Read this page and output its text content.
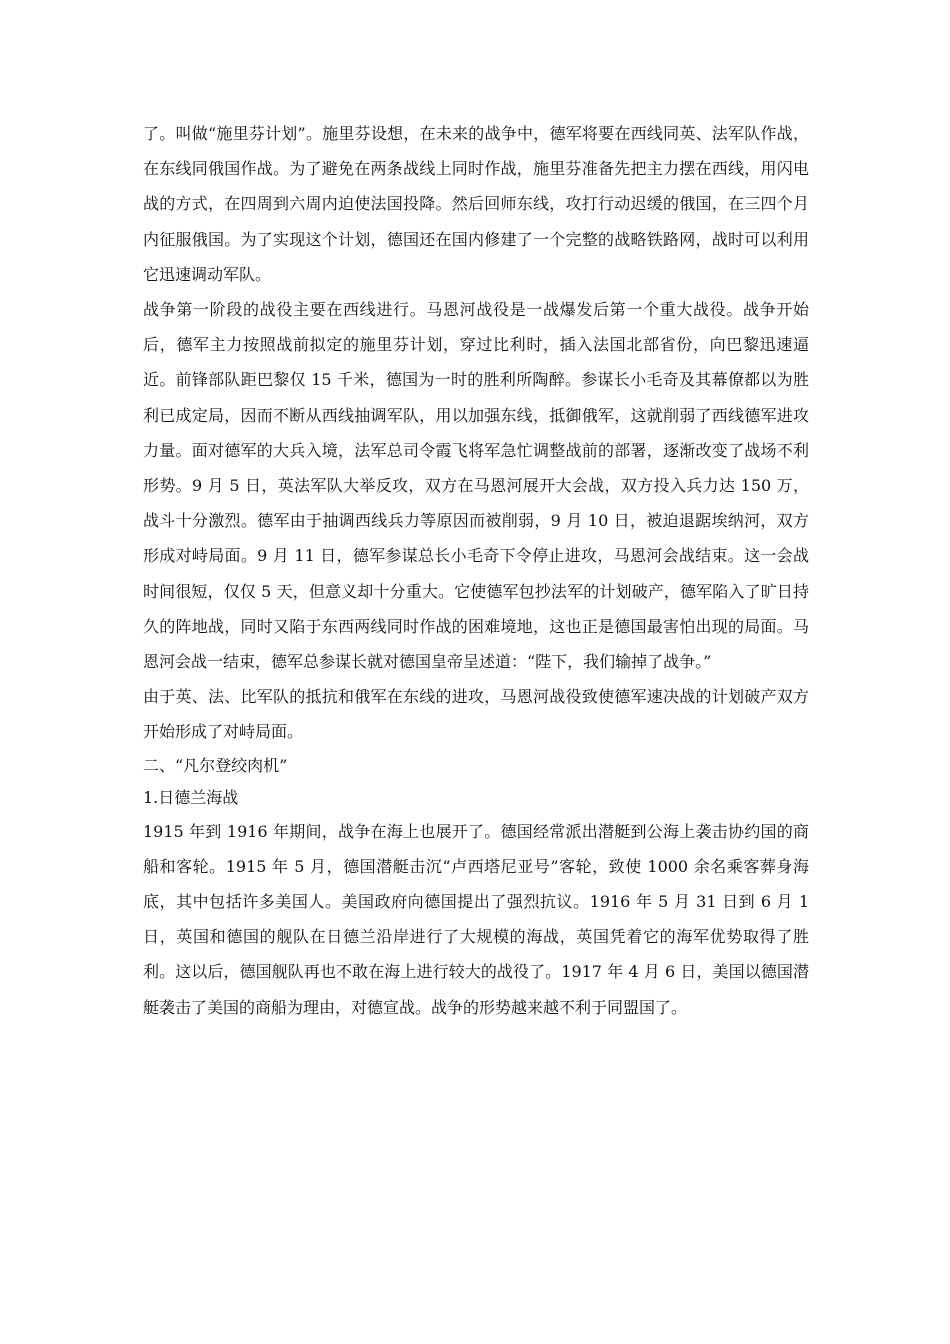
了。叫做“施里芬计划”。施里芬设想，在未来的战争中，德军将要在西线同英、法军队作战，在东线同俄国作战。为了避免在两条战线上同时作战，施里芬准备先把主力摆在西线，用闪电战的方式，在四周到六周内迫使法国投降。然后回师东线，攻打行动迟缓的俄国，在三四个月内征服俄国。为了实现这个计划，德国还在国内修建了一个完整的战略铁路网，战时可以利用它迅速调动军队。

战争第一阶段的战役主要在西线进行。马恩河战役是一战爆发后第一个重大战役。战争开始后，德军主力按照战前拟定的施里芬计划，穿过比利时，插入法国北部省份，向巴黎迅速逼近。前锋部队距巴黎仅 15 千米，德国为一时的胜利所陶醉。参谋长小毛奇及其幕僚都以为胜利已成定局，因而不断从西线抽调军队，用以加强东线，抵御俄军，这就削弱了西线德军进攻力量。面对德军的大兵入境，法军总司令霞飞将军急忙调整战前的部署，逐渐改变了战场不利形势。9 月 5 日，英法军队大举反攻，双方在马恩河展开大会战，双方投入兵力达 150 万，战斗十分激烈。德军由于抽调西线兵力等原因而被削弱，9 月 10 日，被迫退踞埃纳河，双方形成对峙局面。9 月 11 日，德军参谋总长小毛奇下令停止进攻，马恩河会战结束。这一会战时间很短，仅仅 5 天，但意义却十分重大。它使德军包抄法军的计划破产，德军陷入了旷日持久的阵地战，同时又陷于东西两线同时作战的困难境地，这也正是德国最害怕出现的局面。马恩河会战一结束，德军总参谋长就对德国皇帝呈述道：“陛下，我们输掉了战争。”

由于英、法、比军队的抵抗和俄军在东线的进攻，马恩河战役致使德军速决战的计划破产双方开始形成了对峙局面。

二、“凡尔登绞肉机”

1.日德兰海战

1915 年到 1916 年期间，战争在海上也展开了。德国经常派出潜艇到公海上袭击协约国的商船和客轮。1915 年 5 月，德国潜艇击沉“卢西塔尼亚号”客轮，致使 1000 余名乘客葬身海底，其中包括许多美国人。美国政府向德国提出了强烈抗议。1916 年 5 月 31 日到 6 月 1 日，英国和德国的舰队在日德兰沿岸进行了大规模的海战，英国凭着它的海军优势取得了胜利。这以后，德国舰队再也不敢在海上进行较大的战役了。1917 年 4 月 6 日，美国以德国潜艇袭击了美国的商船为理由，对德宣战。战争的形势越来越不利于同盟国了。
